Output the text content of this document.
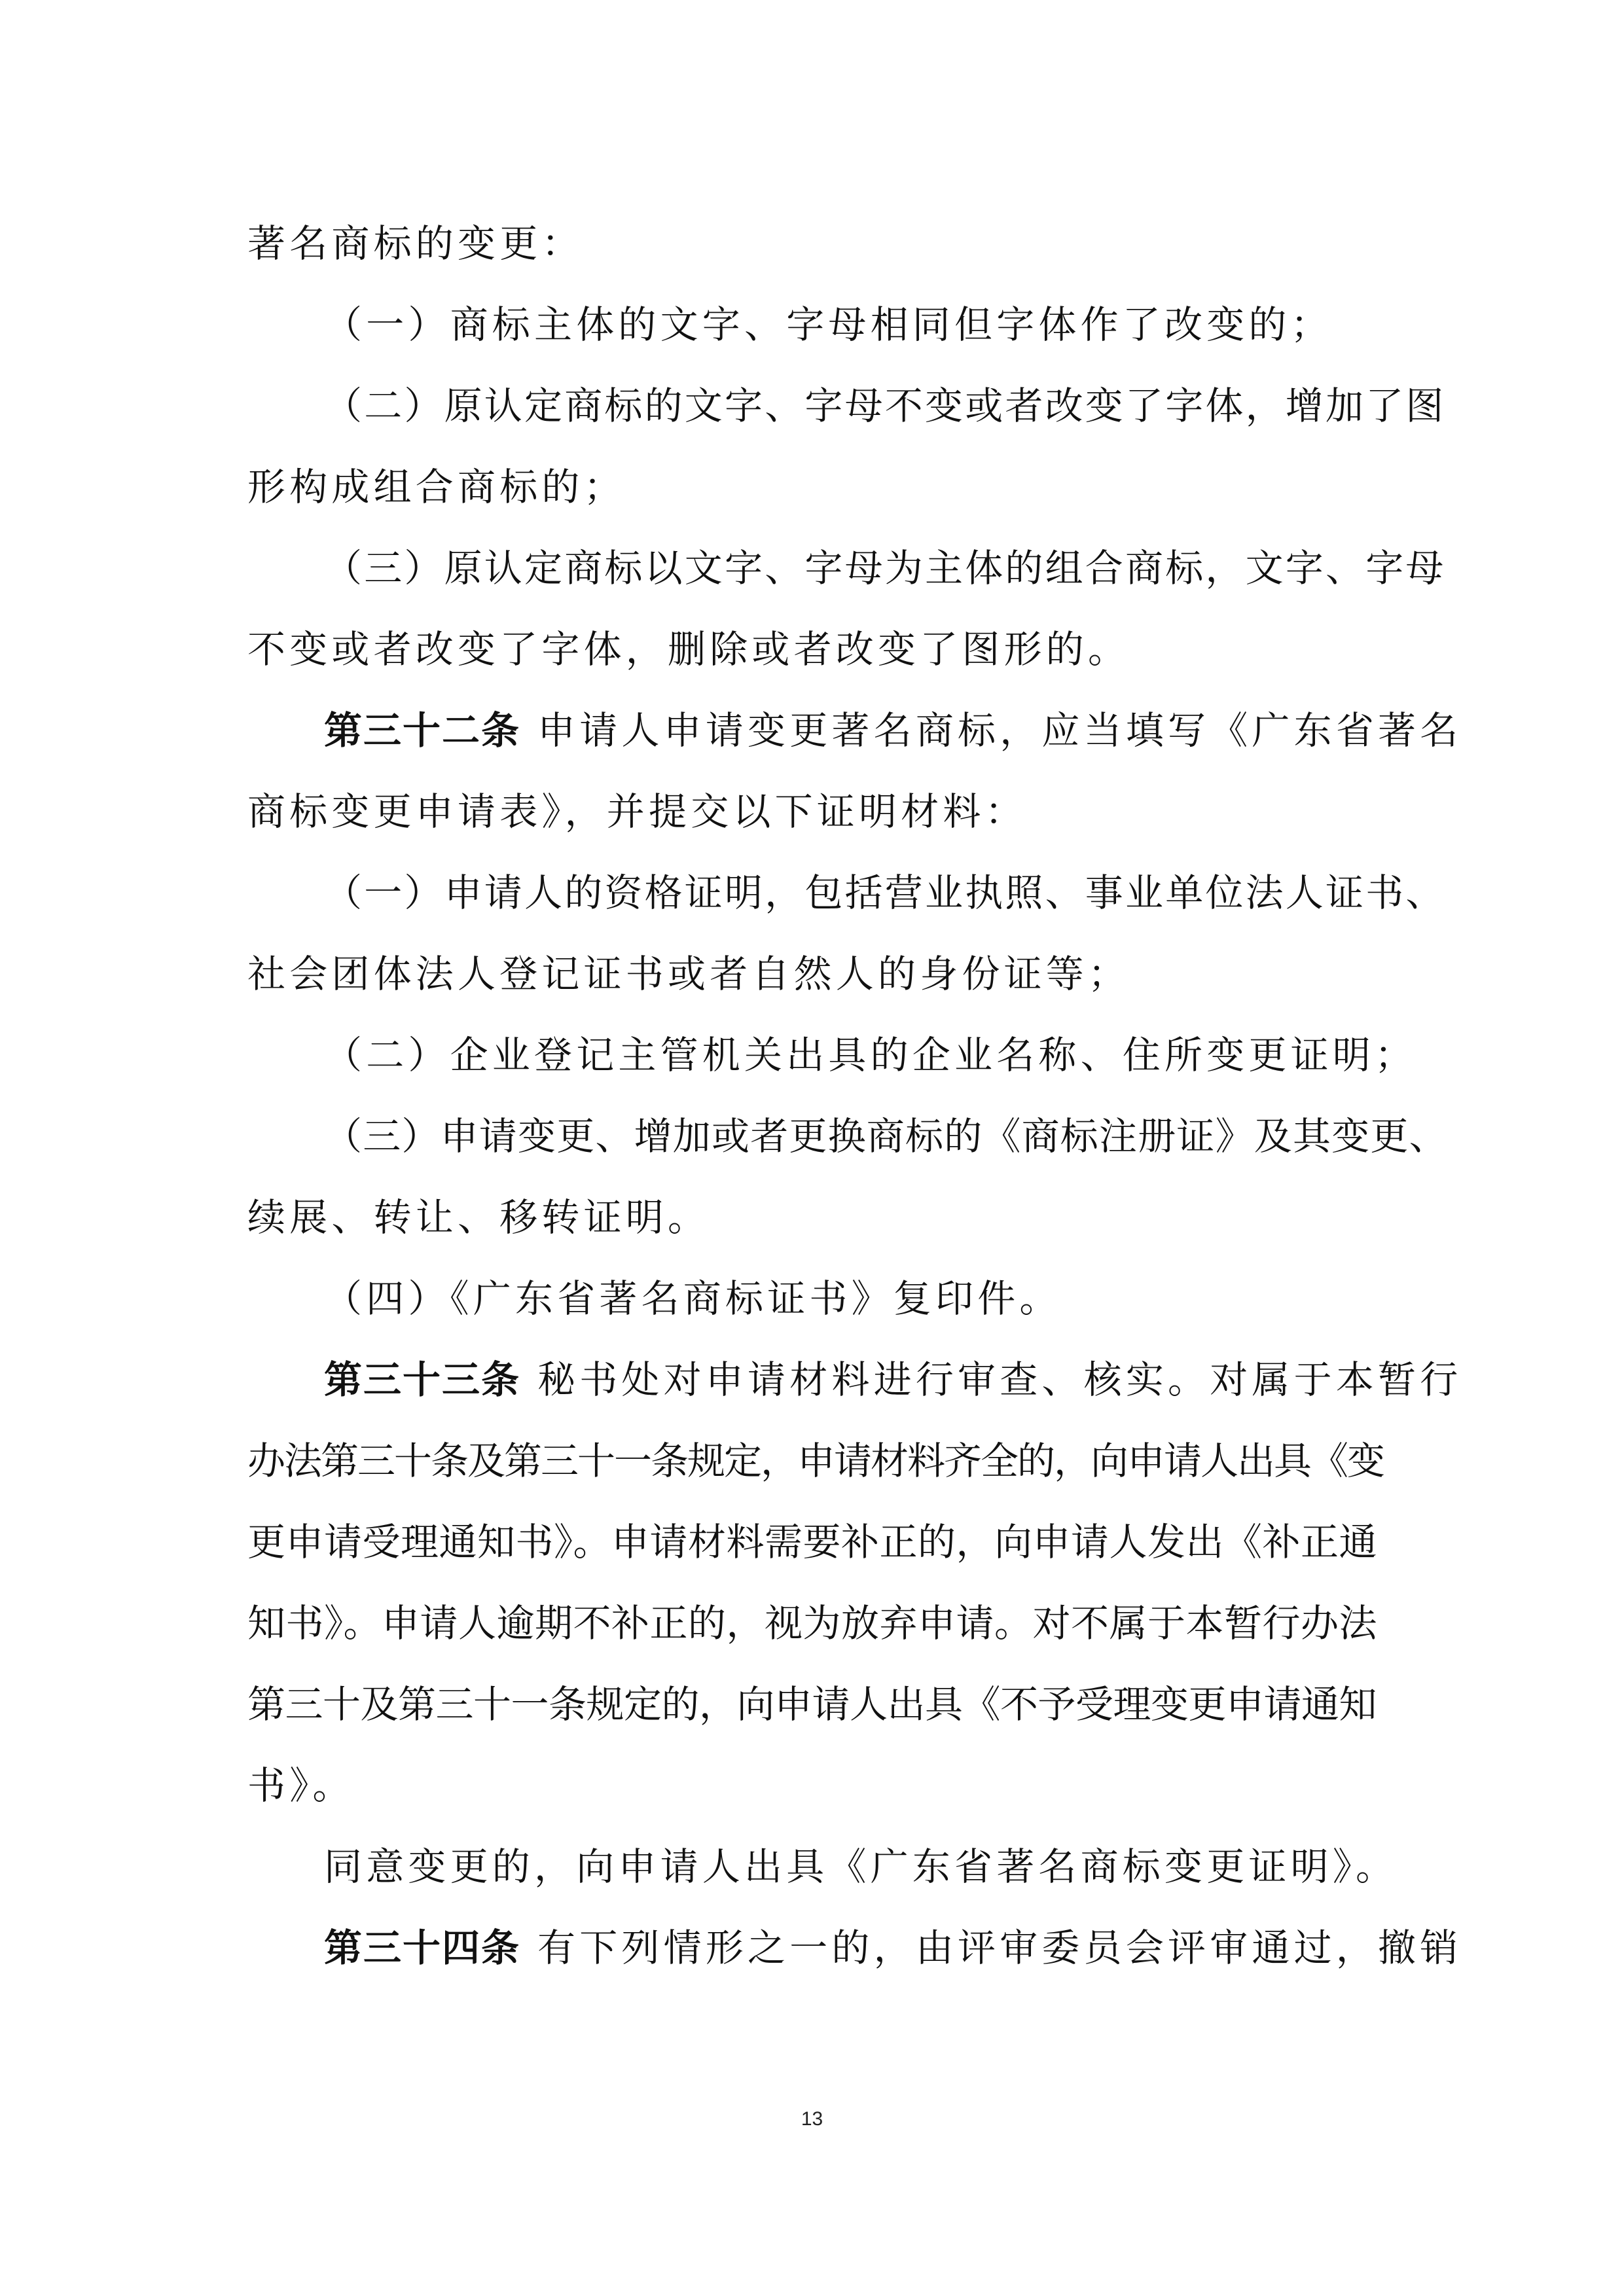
著名商标的变更：
（一）商标主体的文字、字母相同但字体作了改变的；
（二）原认定商标的文字、字母不变或者改变了字体，增加了图
形构成组合商标的；
（三）原认定商标以文字、字母为主体的组合商标，文字、字母
不变或者改变了字体，删除或者改变了图形的。
第三十二条 申请人申请变更著名商标，应当填写《广东省著名
商标变更申请表》，并提交以下证明材料：
（一）申请人的资格证明，包括营业执照、事业单位法人证书、
社会团体法人登记证书或者自然人的身份证等；
（二）企业登记主管机关出具的企业名称、住所变更证明；
（三）申请变更、增加或者更换商标的《商标注册证》及其变更、
续展、转让、移转证明。
（四）《广东省著名商标证书》复印件。
第三十三条 秘书处对申请材料进行审查、核实。对属于本暂行
办法第三十条及第三十一条规定，申请材料齐全的，向申请人出具《变
更申请受理通知书》。申请材料需要补正的，向申请人发出《补正通
知书》。申请人逾期不补正的，视为放弃申请。对不属于本暂行办法
第三十及第三十一条规定的，向申请人出具《不予受理变更申请通知
书》。
同意变更的，向申请人出具《广东省著名商标变更证明》。
第三十四条 有下列情形之一的，由评审委员会评审通过，撤销
13
